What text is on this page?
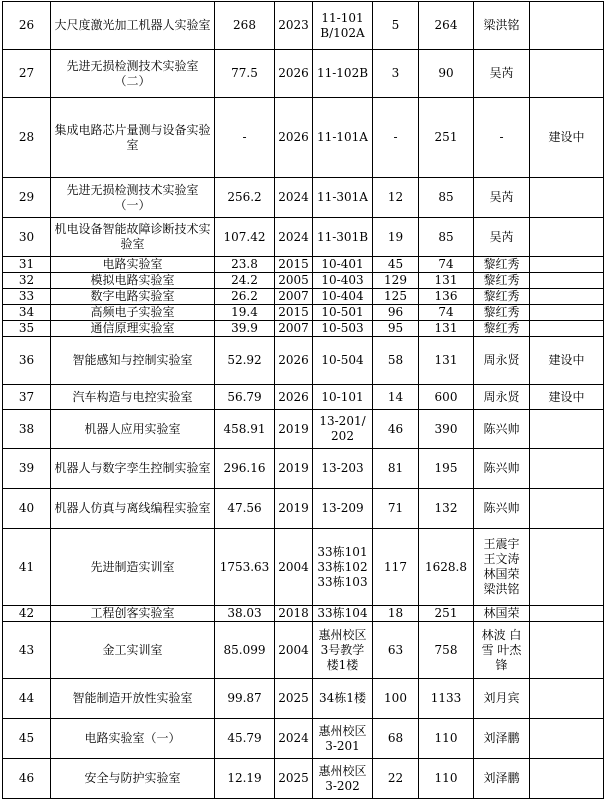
26	大尺度激光加工机器人实验室	268	2023	11-101B/102A	5	264	梁洪铭	
27	先进无损检测技术实验室（二）	77.5	2026	11-102B	3	90	吴芮	
28	集成电路芯片量测与设备实验室	-	2026	11-101A	-	251	-	建设中
29	先进无损检测技术实验室（一）	256.2	2024	11-301A	12	85	吴芮	
30	机电设备智能故障诊断技术实验室	107.42	2024	11-301B	19	85	吴芮	
31	电路实验室	23.8	2015	10-401	45	74	黎红秀	
32	模拟电路实验室	24.2	2005	10-403	129	131	黎红秀	
33	数字电路实验室	26.2	2007	10-404	125	136	黎红秀	
34	高频电子实验室	19.4	2015	10-501	96	74	黎红秀	
35	通信原理实验室	39.9	2007	10-503	95	131	黎红秀	
36	智能感知与控制实验室	52.92	2026	10-504	58	131	周永贤	建设中
37	汽车构造与电控实验室	56.79	2026	10-101	14	600	周永贤	建设中
38	机器人应用实验室	458.91	2019	13-201/202	46	390	陈兴帅	
39	机器人与数字孪生控制实验室	296.16	2019	13-203	81	195	陈兴帅	
40	机器人仿真与离线编程实验室	47.56	2019	13-209	71	132	陈兴帅	
41	先进制造实训室	1753.63	2004	33栋101 33栋102 33栋103	117	1628.8	王震宇 王文涛 林国荣 梁洪铭	
42	工程创客实验室	38.03	2018	33栋104	18	251	林国荣	
43	金工实训室	85.099	2004	惠州校区3号教学楼1楼	63	758	林波 白雪 叶杰锋	
44	智能制造开放性实验室	99.87	2025	34栋1楼	100	1133	刘月宾	
45	电路实验室（一）	45.79	2024	惠州校区3-201	68	110	刘泽鹏	
46	安全与防护实验室	12.19	2025	惠州校区3-202	22	110	刘泽鹏	
